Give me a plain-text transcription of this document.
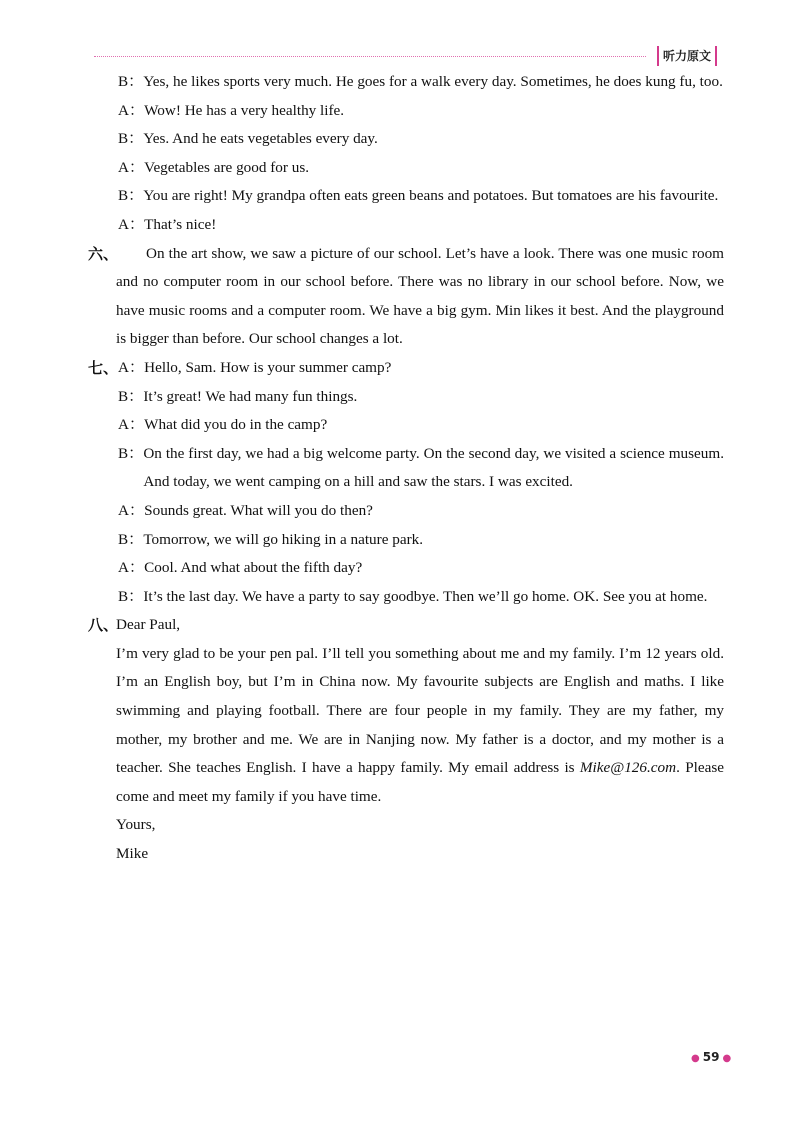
听力原文
B： Yes, he likes sports very much. He goes for a walk every day. Sometimes, he does kung fu, too.
A： Wow! He has a very healthy life.
B： Yes. And he eats vegetables every day.
A： Vegetables are good for us.
B： You are right! My grandpa often eats green beans and potatoes. But tomatoes are his favourite.
A： That’s nice!
六、	On the art show, we saw a picture of our school. Let’s have a look. There was one music room and no computer room in our school before. There was no library in our school before. Now, we have music rooms and a computer room. We have a big gym. Min likes it best. And the playground is bigger than before. Our school changes a lot.
七、 A： Hello, Sam. How is your summer camp?
B： It’s great! We had many fun things.
A： What did you do in the camp?
B： On the first day, we had a big welcome party. On the second day, we visited a science museum. And today, we went camping on a hill and saw the stars. I was excited.
A： Sounds great. What will you do then?
B： Tomorrow, we will go hiking in a nature park.
A： Cool. And what about the fifth day?
B： It’s the last day. We have a party to say goodbye. Then we’ll go home. OK. See you at home.
八、
Dear Paul,
I’m very glad to be your pen pal. I’ll tell you something about me and my family. I’m 12 years old. I’m an English boy, but I’m in China now. My favourite subjects are English and maths. I like swimming and playing football. There are four people in my family. They are my father, my mother, my brother and me. We are in Nanjing now. My father is a doctor, and my mother is a teacher. She teaches English. I have a happy family. My email address is Mike@126.com. Please come and meet my family if you have time.
Yours,
Mike
● 59 ●
